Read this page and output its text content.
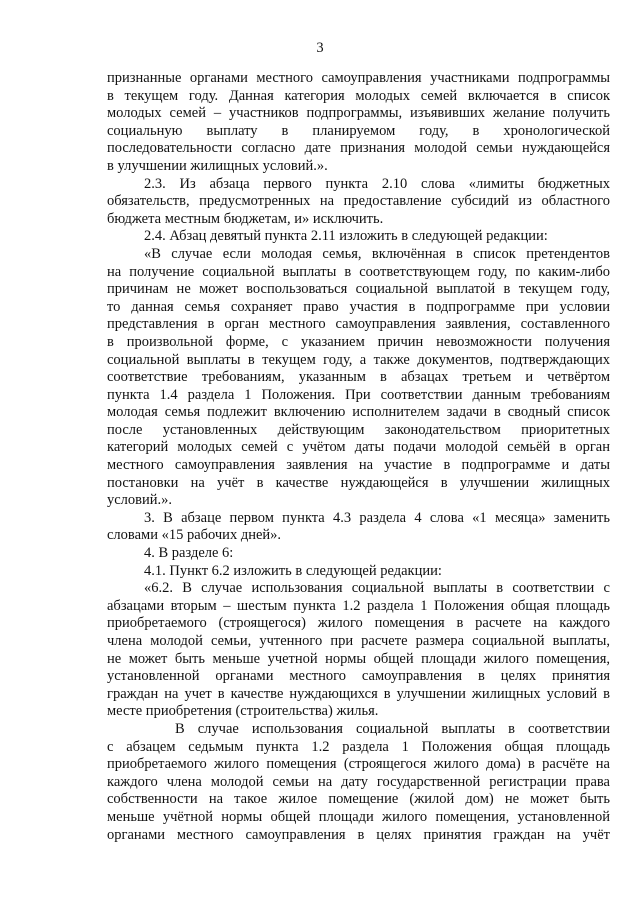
3
признанные органами местного самоуправления участниками подпрограммы
в текущем году. Данная категория молодых семей включается в список
молодых семей – участников подпрограммы, изъявивших желание получить
социальную выплату в планируемом году, в хронологической
последовательности согласно дате признания молодой семьи нуждающейся
в улучшении жилищных условий.».
2.3. Из абзаца первого пункта 2.10 слова «лимиты бюджетных
обязательств, предусмотренных на предоставление субсидий из областного
бюджета местным бюджетам, и» исключить.
2.4. Абзац девятый пункта 2.11 изложить в следующей редакции:
«В случае если молодая семья, включённая в список претендентов
на получение социальной выплаты в соответствующем году, по каким-либо
причинам не может воспользоваться социальной выплатой в текущем году,
то данная семья сохраняет право участия в подпрограмме при условии
представления в орган местного самоуправления заявления, составленного
в произвольной форме, с указанием причин невозможности получения
социальной выплаты в текущем году, а также документов, подтверждающих
соответствие требованиям, указанным в абзацах третьем и четвёртом
пункта 1.4 раздела 1 Положения. При соответствии данным требованиям
молодая семья подлежит включению исполнителем задачи в сводный список
после установленных действующим законодательством приоритетных
категорий молодых семей с учётом даты подачи молодой семьёй в орган
местного самоуправления заявления на участие в подпрограмме и даты
постановки на учёт в качестве нуждающейся в улучшении жилищных
условий.».
3. В абзаце первом пункта 4.3 раздела 4 слова «1 месяца» заменить
словами «15 рабочих дней».
4. В разделе 6:
4.1. Пункт 6.2 изложить в следующей редакции:
«6.2. В случае использования социальной выплаты в соответствии с
абзацами вторым – шестым пункта 1.2 раздела 1 Положения общая площадь
приобретаемого (строящегося) жилого помещения в расчете на каждого
члена молодой семьи, учтенного при расчете размера социальной выплаты,
не может быть меньше учетной нормы общей площади жилого помещения,
установленной органами местного самоуправления в целях принятия
граждан на учет в качестве нуждающихся в улучшении жилищных условий в
месте приобретения (строительства) жилья.
В случае использования социальной выплаты в соответствии
с абзацем седьмым пункта 1.2 раздела 1 Положения общая площадь
приобретаемого жилого помещения (строящегося жилого дома) в расчёте на
каждого члена молодой семьи на дату государственной регистрации права
собственности на такое жилое помещение (жилой дом) не может быть
меньше учётной нормы общей площади жилого помещения, установленной
органами местного самоуправления в целях принятия граждан на учёт
